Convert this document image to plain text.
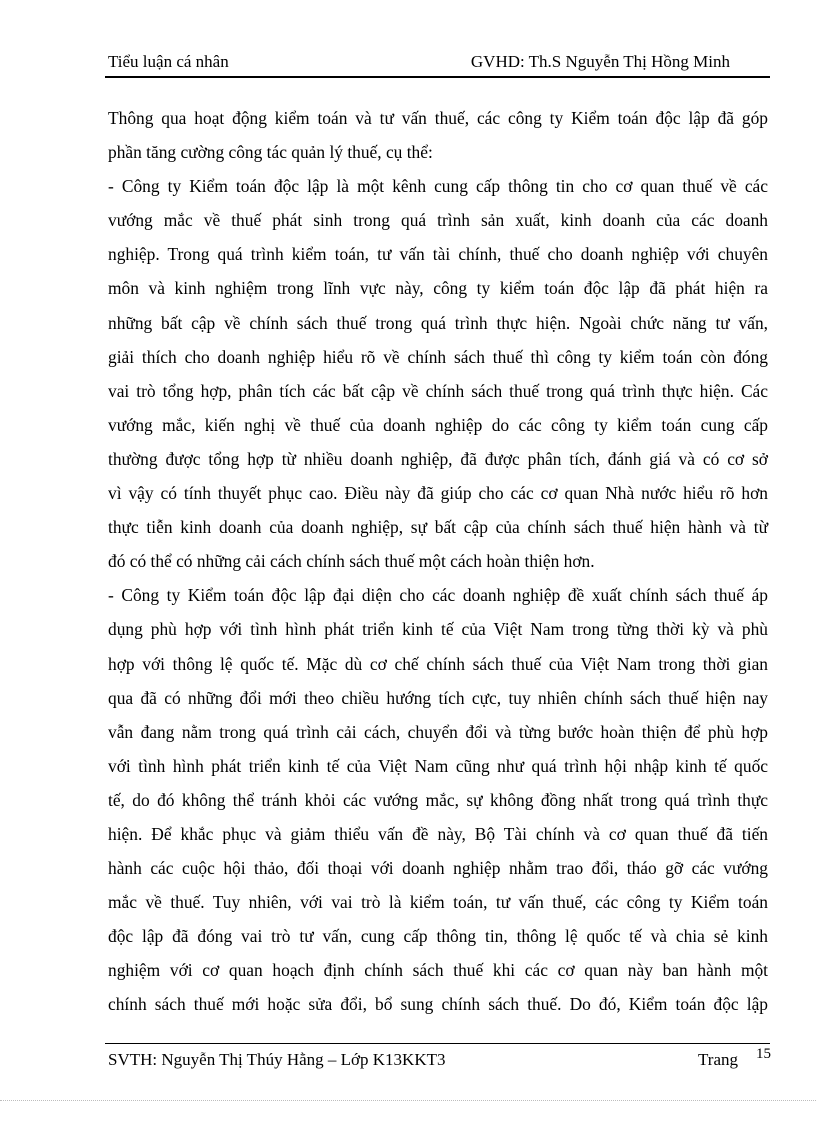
Tiểu luận cá nhân	GVHD: Th.S Nguyễn Thị Hồng Minh
Thông qua hoạt động kiểm toán và tư vấn thuế, các công ty Kiểm toán độc lập đã góp
phần tăng cường công tác quản lý thuế, cụ thể:
- Công ty Kiểm toán độc lập là một kênh cung cấp thông tin cho cơ quan thuế về các
vướng mắc về thuế phát sinh trong quá trình sản xuất, kinh doanh của các doanh
nghiệp. Trong quá trình kiểm toán, tư vấn tài chính, thuế cho doanh nghiệp với chuyên
môn và kinh nghiệm trong lĩnh vực này, công ty kiểm toán độc lập đã phát hiện ra
những bất cập về chính sách thuế trong quá trình thực hiện. Ngoài chức năng tư vấn,
giải thích cho doanh nghiệp hiểu rõ về chính sách thuế thì công ty kiểm toán còn đóng
vai trò tổng hợp, phân tích các bất cập về chính sách thuế trong quá trình thực hiện. Các
vướng mắc, kiến nghị về thuế của doanh nghiệp do các công ty kiểm toán cung cấp
thường được tổng hợp từ nhiều doanh nghiệp, đã được phân tích, đánh giá và có cơ sở
vì vậy có tính thuyết phục cao. Điều này đã giúp cho các cơ quan Nhà nước hiểu rõ hơn
thực tiễn kinh doanh của doanh nghiệp, sự bất cập của chính sách thuế hiện hành và từ
đó có thể có những cải cách chính sách thuế một cách hoàn thiện hơn.
- Công ty Kiểm toán độc lập đại diện cho các doanh nghiệp đề xuất chính sách thuế áp
dụng phù hợp với tình hình phát triển kinh tế của Việt Nam trong từng thời kỳ và phù
hợp với thông lệ quốc tế. Mặc dù cơ chế chính sách thuế của Việt Nam trong thời gian
qua đã có những đổi mới theo chiều hướng tích cực, tuy nhiên chính sách thuế hiện nay
vẫn đang nằm trong quá trình cải cách, chuyển đổi và từng bước hoàn thiện để phù hợp
với tình hình phát triển kinh tế của Việt Nam cũng như quá trình hội nhập kinh tế quốc
tế, do đó không thể tránh khỏi các vướng mắc, sự không đồng nhất trong quá trình thực
hiện. Để khắc phục và giảm thiểu vấn đề này, Bộ Tài chính và cơ quan thuế đã tiến
hành các cuộc hội thảo, đối thoại với doanh nghiệp nhằm trao đổi, tháo gỡ các vướng
mắc về thuế. Tuy nhiên, với vai trò là kiểm toán, tư vấn thuế, các công ty Kiểm toán
độc lập đã đóng vai trò tư vấn, cung cấp thông tin, thông lệ quốc tế và chia sẻ kinh
nghiệm với cơ quan hoạch định chính sách thuế khi các cơ quan này ban hành một
chính sách thuế mới hoặc sửa đổi, bổ sung chính sách thuế. Do đó, Kiểm toán độc lập
SVTH: Nguyễn Thị Thúy Hằng – Lớp K13KKT3	Trang 15
